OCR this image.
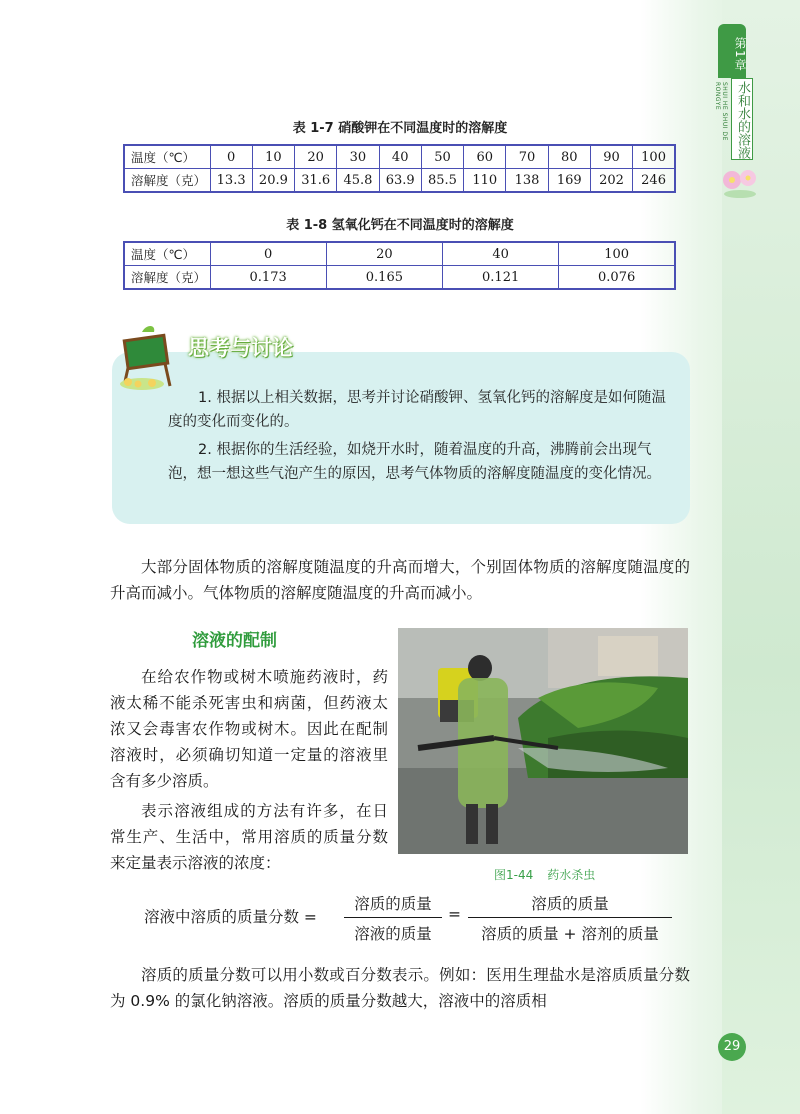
第1章
水和水的溶液
SHUI HE SHUI DE RONGYE
表 1-7 硝酸钾在不同温度时的溶解度
温度（℃）	0	10	20	30	40	50	60	70	80	90	100
溶解度（克）	13.3	20.9	31.6	45.8	63.9	85.5	110	138	169	202	246
表 1-8 氢氧化钙在不同温度时的溶解度
温度（℃）	0	20	40	100
溶解度（克）	0.173	0.165	0.121	0.076
思考与讨论

1. 根据以上相关数据，思考并讨论硝酸钾、氢氧化钙的溶解度是如何随温度的变化而变化的。

2. 根据你的生活经验，如烧开水时，随着温度的升高，沸腾前会出现气泡，想一想这些气泡产生的原因，思考气体物质的溶解度随温度的变化情况。

大部分固体物质的溶解度随温度的升高而增大，个别固体物质的溶解度随温度的升高而减小。气体物质的溶解度随温度的升高而减小。

溶液的配制

在给农作物或树木喷施药液时，药液太稀不能杀死害虫和病菌，但药液太浓又会毒害农作物或树木。因此在配制溶液时，必须确切知道一定量的溶液里含有多少溶质。

表示溶液组成的方法有许多，在日常生产、生活中，常用溶质的质量分数来定量表示溶液的浓度：

图1-44 药水杀虫
溶液中溶质的质量分数 =
溶质的质量
溶液的质量
=
溶质的质量
溶质的质量 + 溶剂的质量

溶质的质量分数可以用小数或百分数表示。例如：医用生理盐水是溶质质量分数为 0.9% 的氯化钠溶液。溶质的质量分数越大，溶液中的溶质相

29
